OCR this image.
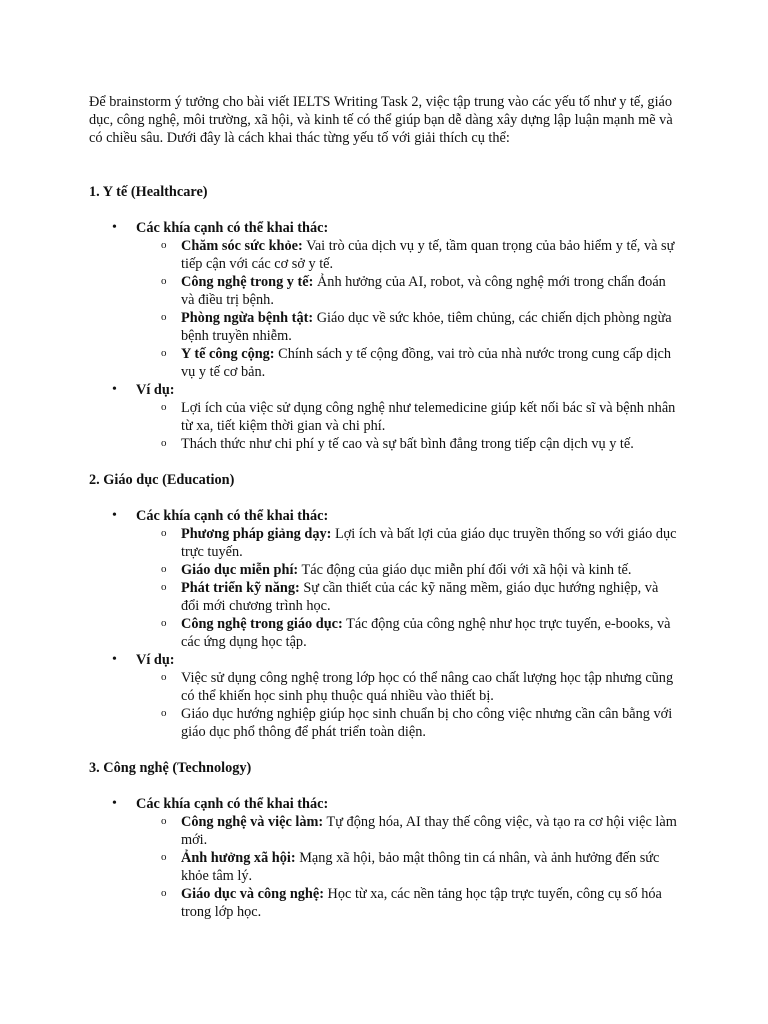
Để brainstorm ý tưởng cho bài viết IELTS Writing Task 2, việc tập trung vào các yếu tố như y tế, giáo dục, công nghệ, môi trường, xã hội, và kinh tế có thể giúp bạn dễ dàng xây dựng lập luận mạnh mẽ và có chiều sâu. Dưới đây là cách khai thác từng yếu tố với giải thích cụ thể:

1. Y tế (Healthcare)

• Các khía cạnh có thể khai thác:
o Chăm sóc sức khỏe: Vai trò của dịch vụ y tế, tầm quan trọng của bảo hiểm y tế, và sự tiếp cận với các cơ sở y tế.
o Công nghệ trong y tế: Ảnh hưởng của AI, robot, và công nghệ mới trong chẩn đoán và điều trị bệnh.
o Phòng ngừa bệnh tật: Giáo dục về sức khỏe, tiêm chủng, các chiến dịch phòng ngừa bệnh truyền nhiễm.
o Y tế công cộng: Chính sách y tế cộng đồng, vai trò của nhà nước trong cung cấp dịch vụ y tế cơ bản.
• Ví dụ:
o Lợi ích của việc sử dụng công nghệ như telemedicine giúp kết nối bác sĩ và bệnh nhân từ xa, tiết kiệm thời gian và chi phí.
o Thách thức như chi phí y tế cao và sự bất bình đẳng trong tiếp cận dịch vụ y tế.

2. Giáo dục (Education)

• Các khía cạnh có thể khai thác:
o Phương pháp giảng dạy: Lợi ích và bất lợi của giáo dục truyền thống so với giáo dục trực tuyến.
o Giáo dục miễn phí: Tác động của giáo dục miễn phí đối với xã hội và kinh tế.
o Phát triển kỹ năng: Sự cần thiết của các kỹ năng mềm, giáo dục hướng nghiệp, và đổi mới chương trình học.
o Công nghệ trong giáo dục: Tác động của công nghệ như học trực tuyến, e-books, và các ứng dụng học tập.
• Ví dụ:
o Việc sử dụng công nghệ trong lớp học có thể nâng cao chất lượng học tập nhưng cũng có thể khiến học sinh phụ thuộc quá nhiều vào thiết bị.
o Giáo dục hướng nghiệp giúp học sinh chuẩn bị cho công việc nhưng cần cân bằng với giáo dục phổ thông để phát triển toàn diện.

3. Công nghệ (Technology)

• Các khía cạnh có thể khai thác:
o Công nghệ và việc làm: Tự động hóa, AI thay thế công việc, và tạo ra cơ hội việc làm mới.
o Ảnh hưởng xã hội: Mạng xã hội, bảo mật thông tin cá nhân, và ảnh hưởng đến sức khỏe tâm lý.
o Giáo dục và công nghệ: Học từ xa, các nền tảng học tập trực tuyến, công cụ số hóa trong lớp học.
